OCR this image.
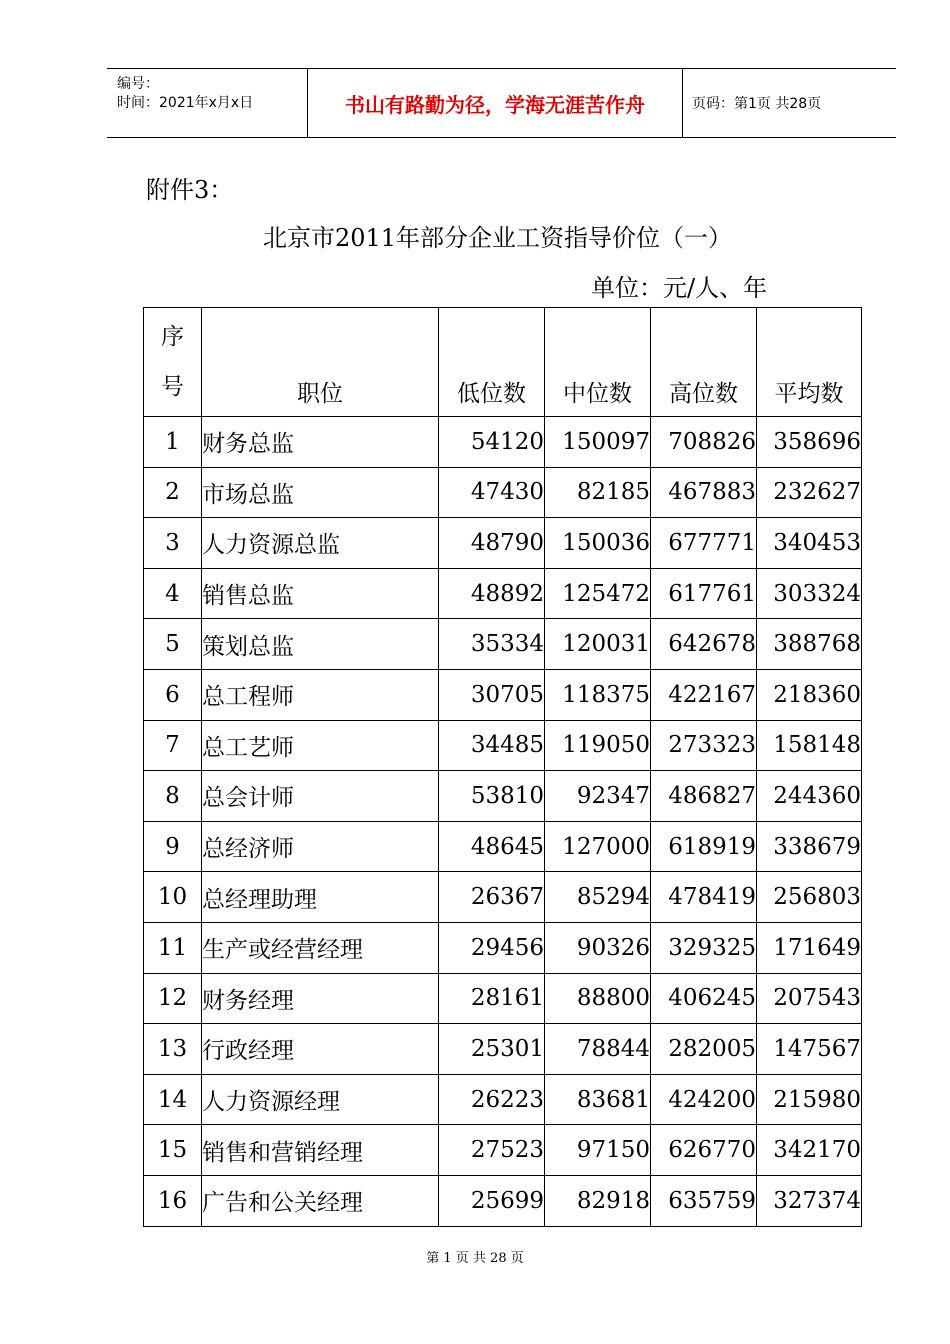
编号：
时间：2021年x月x日	书山有路勤为径，学海无涯苦作舟	页码：第1页 共28页
附件3：
北京市2011年部分企业工资指导价位（一）
单位：元/人、年
序
号	职位	低位数	中位数	高位数	平均数
1	财务总监	54120	150097	708826	358696
2	市场总监	47430	82185	467883	232627
3	人力资源总监	48790	150036	677771	340453
4	销售总监	48892	125472	617761	303324
5	策划总监	35334	120031	642678	388768
6	总工程师	30705	118375	422167	218360
7	总工艺师	34485	119050	273323	158148
8	总会计师	53810	92347	486827	244360
9	总经济师	48645	127000	618919	338679
10	总经理助理	26367	85294	478419	256803
11	生产或经营经理	29456	90326	329325	171649
12	财务经理	28161	88800	406245	207543
13	行政经理	25301	78844	282005	147567
14	人力资源经理	26223	83681	424200	215980
15	销售和营销经理	27523	97150	626770	342170
16	广告和公关经理	25699	82918	635759	327374
第 1 页 共 28 页
